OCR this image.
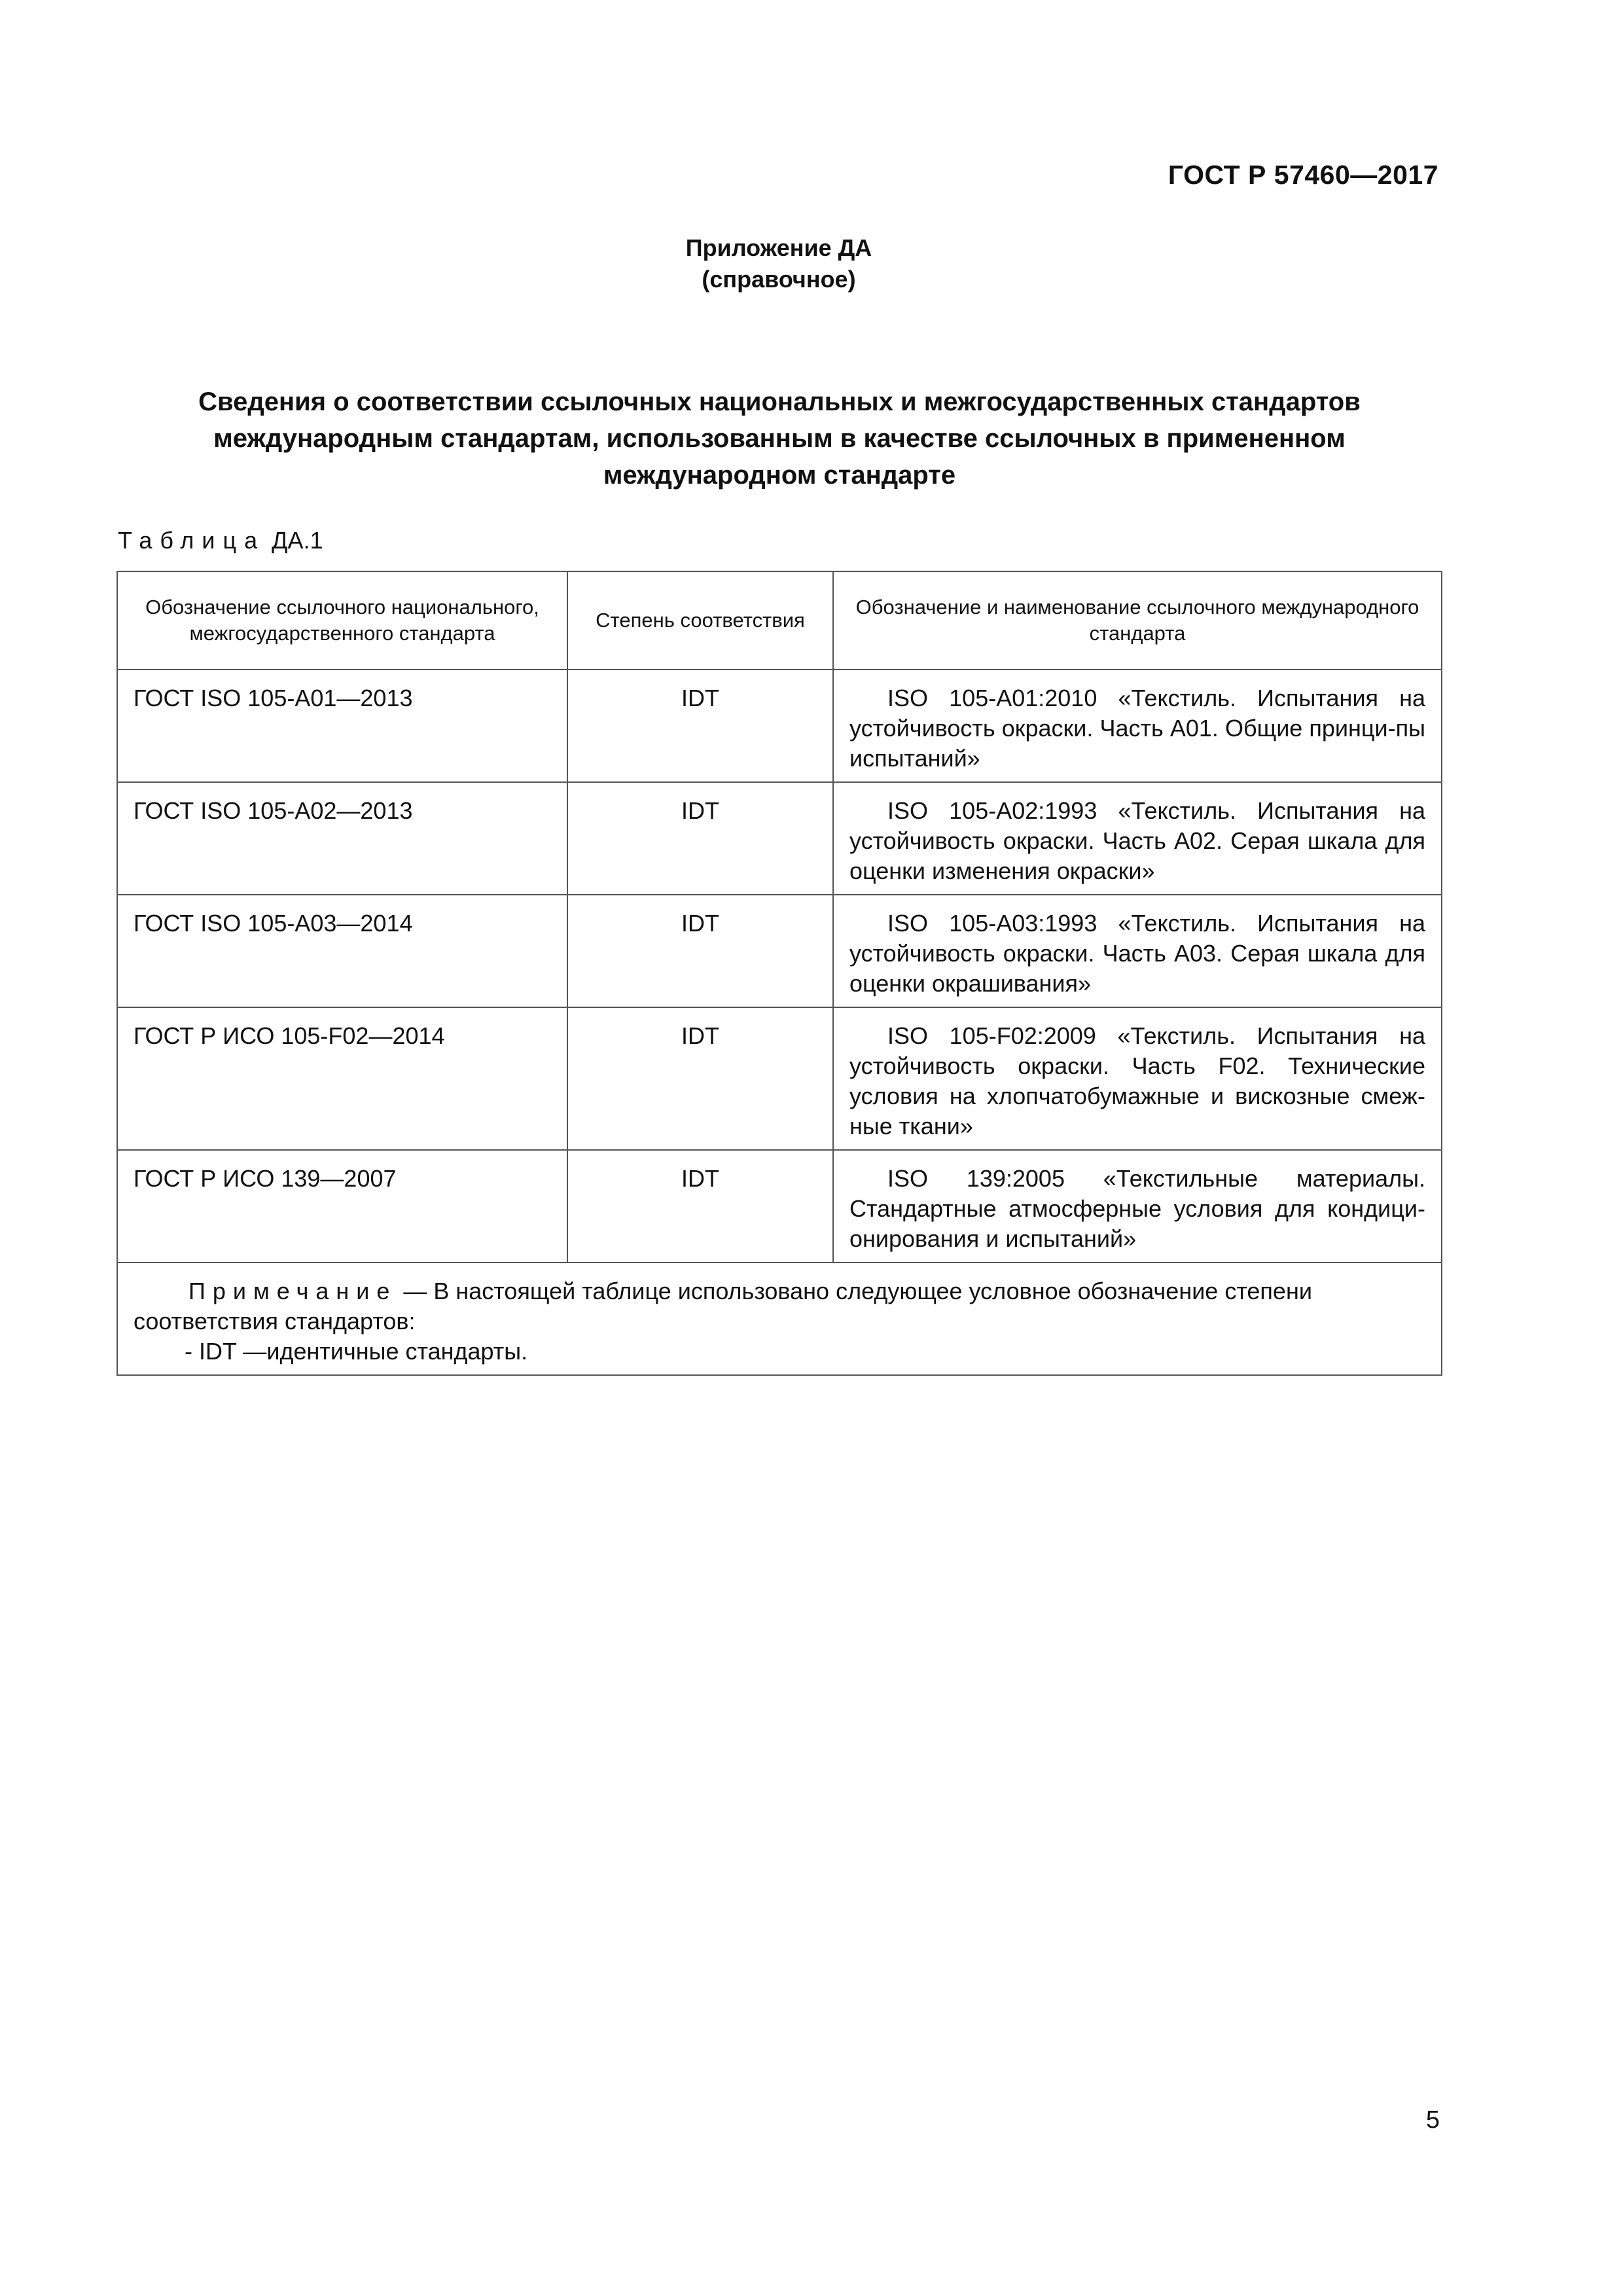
ГОСТ Р 57460—2017
Приложение ДА
(справочное)
Сведения о соответствии ссылочных национальных и межгосударственных стандартов
международным стандартам, использованным в качестве ссылочных в примененном
международном стандарте
Таблица ДА.1
Обозначение ссылочного национального, межгосударственного стандарта	Степень соответствия	Обозначение и наименование ссылочного международного стандарта
ГОСТ ISO 105-A01—2013	IDT	ISO 105-A01:2010 «Текстиль. Испытания на устойчивость окраски. Часть A01. Общие принци-пы испытаний»
ГОСТ ISO 105-A02—2013	IDT	ISO 105-A02:1993 «Текстиль. Испытания на устойчивость окраски. Часть A02. Серая шкала для оценки изменения окраски»
ГОСТ ISO 105-A03—2014	IDT	ISO 105-A03:1993 «Текстиль. Испытания на устойчивость окраски. Часть A03. Серая шкала для оценки окрашивания»
ГОСТ Р ИСО 105-F02—2014	IDT	ISO 105-F02:2009 «Текстиль. Испытания на устойчивость окраски. Часть F02. Технические условия на хлопчатобумажные и вискозные смеж-ные ткани»
ГОСТ Р ИСО 139—2007	IDT	ISO 139:2005 «Текстильные материалы. Стандартные атмосферные условия для кондици-онирования и испытаний»

Примечание — В настоящей таблице использовано следующее условное обозначение степени соответствия стандартов:
- IDT —идентичные стандарты.		
5
